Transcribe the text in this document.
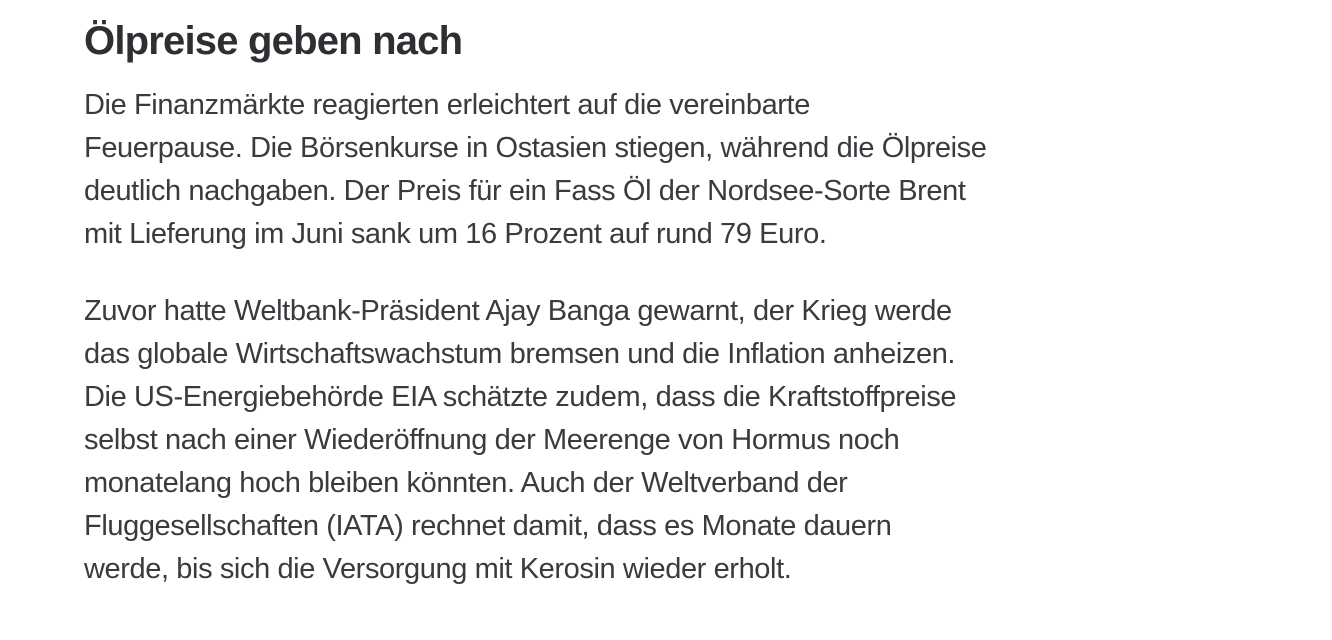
Ölpreise geben nach
Die Finanzmärkte reagierten erleichtert auf die vereinbarte
Feuerpause. Die Börsenkurse in Ostasien stiegen, während die Ölpreise
deutlich nachgaben. Der Preis für ein Fass Öl der Nordsee-Sorte Brent
mit Lieferung im Juni sank um 16 Prozent auf rund 79 Euro.
Zuvor hatte Weltbank-Präsident Ajay Banga gewarnt, der Krieg werde
das globale Wirtschaftswachstum bremsen und die Inflation anheizen.
Die US-Energiebehörde EIA schätzte zudem, dass die Kraftstoffpreise
selbst nach einer Wiederöffnung der Meerenge von Hormus noch
monatelang hoch bleiben könnten. Auch der Weltverband der
Fluggesellschaften (IATA) rechnet damit, dass es Monate dauern
werde, bis sich die Versorgung mit Kerosin wieder erholt.
